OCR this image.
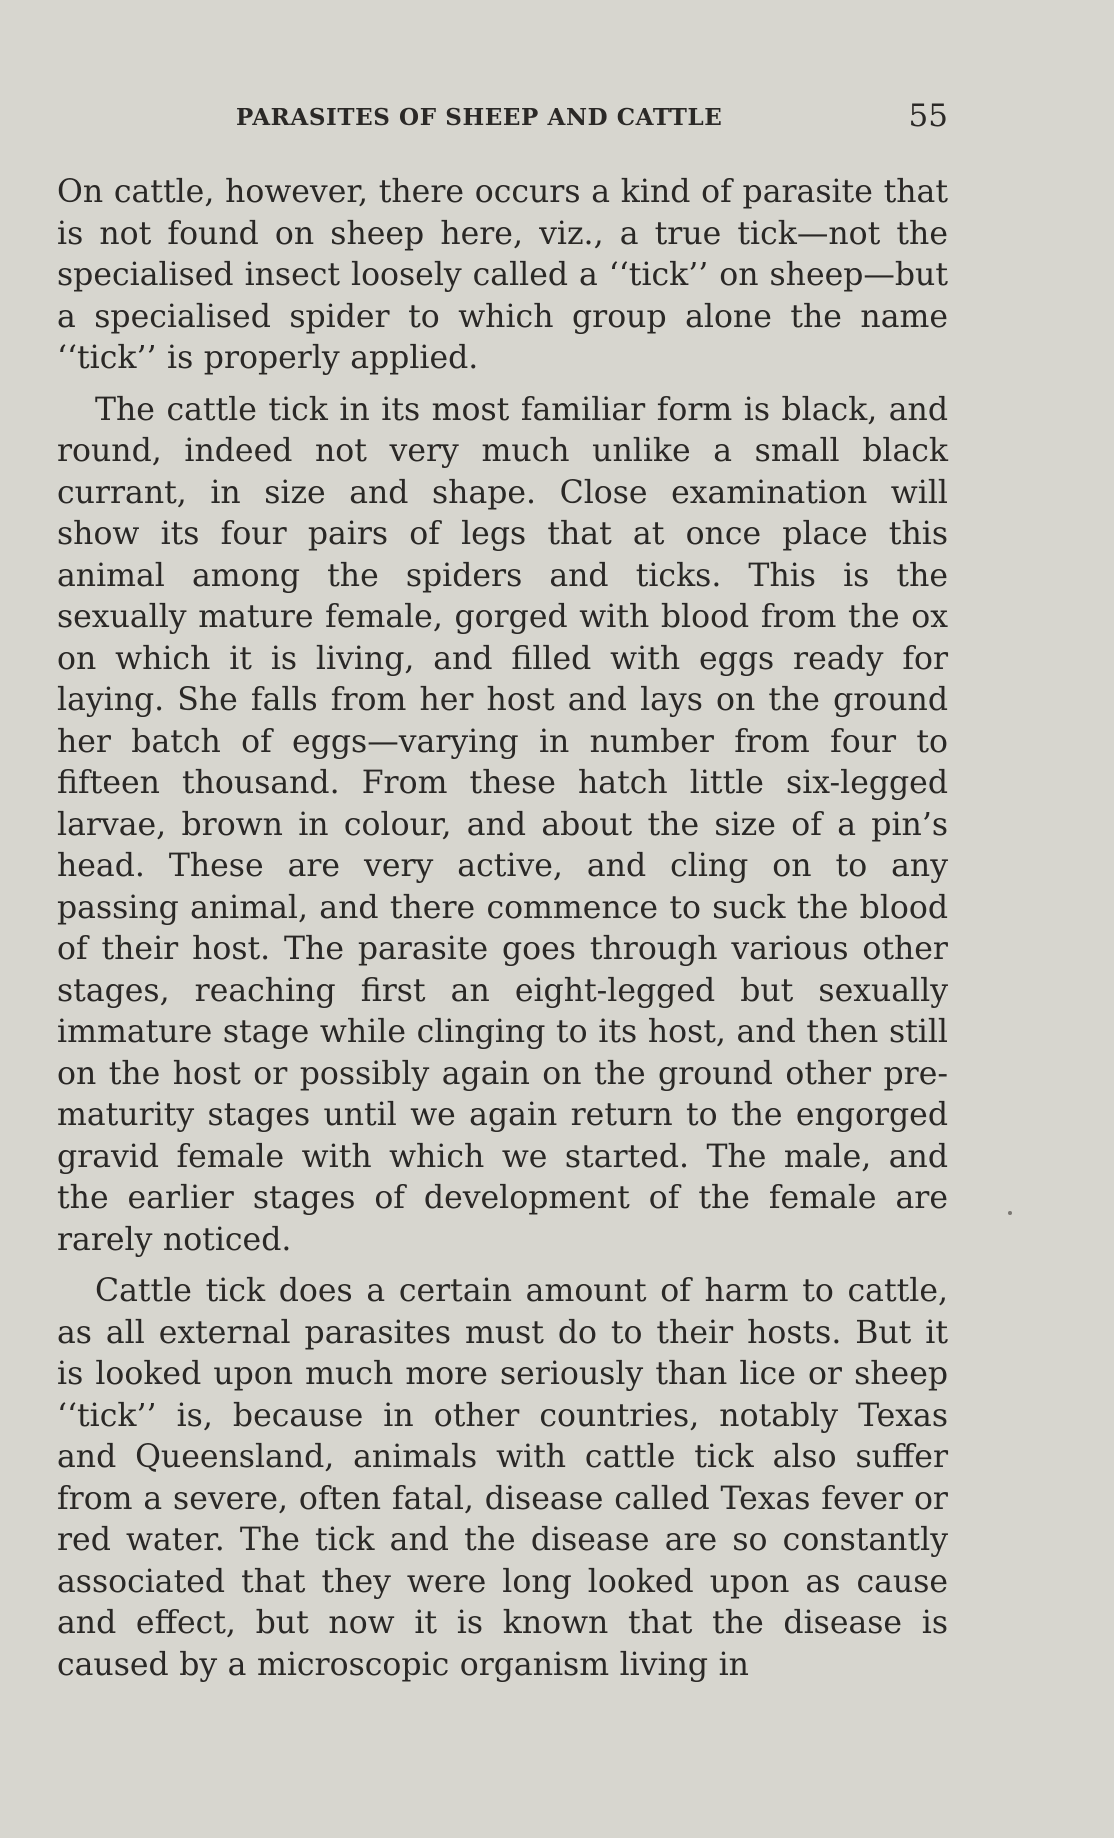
PARASITES OF SHEEP AND CATTLE	55

On cattle, however, there occurs a kind of parasite that is not found on sheep here, viz., a true tick—not the specialised insect loosely called a ‘‘tick’’ on sheep—but a specialised spider to which group alone the name ‘‘tick’’ is properly applied.

The cattle tick in its most familiar form is black, and round, indeed not very much unlike a small black currant, in size and shape. Close examination will show its four pairs of legs that at once place this animal among the spiders and ticks. This is the sexually mature female, gorged with blood from the ox on which it is living, and filled with eggs ready for laying. She falls from her host and lays on the ground her batch of eggs—varying in number from four to fifteen thousand. From these hatch little six-legged larvae, brown in colour, and about the size of a pin’s head. These are very active, and cling on to any passing animal, and there commence to suck the blood of their host. The parasite goes through various other stages, reaching first an eight-legged but sexually immature stage while clinging to its host, and then still on the host or possibly again on the ground other pre-maturity stages until we again return to the engorged gravid female with which we started. The male, and the earlier stages of development of the female are rarely noticed.

Cattle tick does a certain amount of harm to cattle, as all external parasites must do to their hosts. But it is looked upon much more seriously than lice or sheep ‘‘tick’’ is, because in other countries, notably Texas and Queensland, animals with cattle tick also suffer from a severe, often fatal, disease called Texas fever or red water. The tick and the disease are so constantly associated that they were long looked upon as cause and effect, but now it is known that the disease is caused by a microscopic organism living in
